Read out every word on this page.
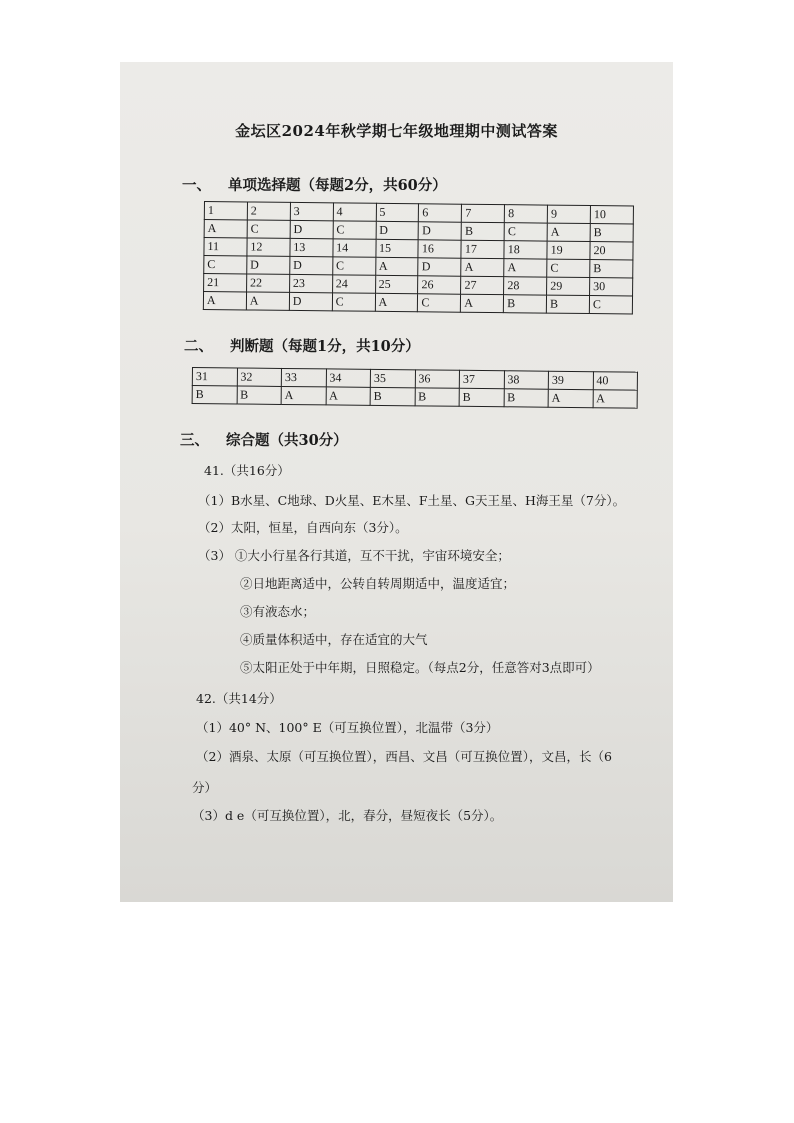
金坛区2024年秋学期七年级地理期中测试答案
一、 单项选择题（每题2分，共60分）
1	2	3	4	5	6	7	8	9	10
A	C	D	C	D	D	B	C	A	B
11	12	13	14	15	16	17	18	19	20
C	D	D	C	A	D	A	A	C	B
21	22	23	24	25	26	27	28	29	30
A	A	D	C	A	C	A	B	B	C
二、 判断题（每题1分，共10分）
31	32	33	34	35	36	37	38	39	40
B	B	A	A	B	B	B	B	A	A
三、 综合题（共30分）
41.（共16分）
（1）B水星、C地球、D火星、E木星、F土星、G天王星、H海王星（7分）。
（2）太阳，恒星，自西向东（3分）。
（3） ①大小行星各行其道，互不干扰，宇宙环境安全；
②日地距离适中，公转自转周期适中，温度适宜；
③有液态水；
④质量体积适中，存在适宜的大气
⑤太阳正处于中年期，日照稳定。（每点2分，任意答对3点即可）
42.（共14分）
（1）40° N、100° E（可互换位置），北温带（3分）
（2）酒泉、太原（可互换位置），西昌、文昌（可互换位置），文昌，长（6
分）
（3）d e（可互换位置），北，春分，昼短夜长（5分）。
